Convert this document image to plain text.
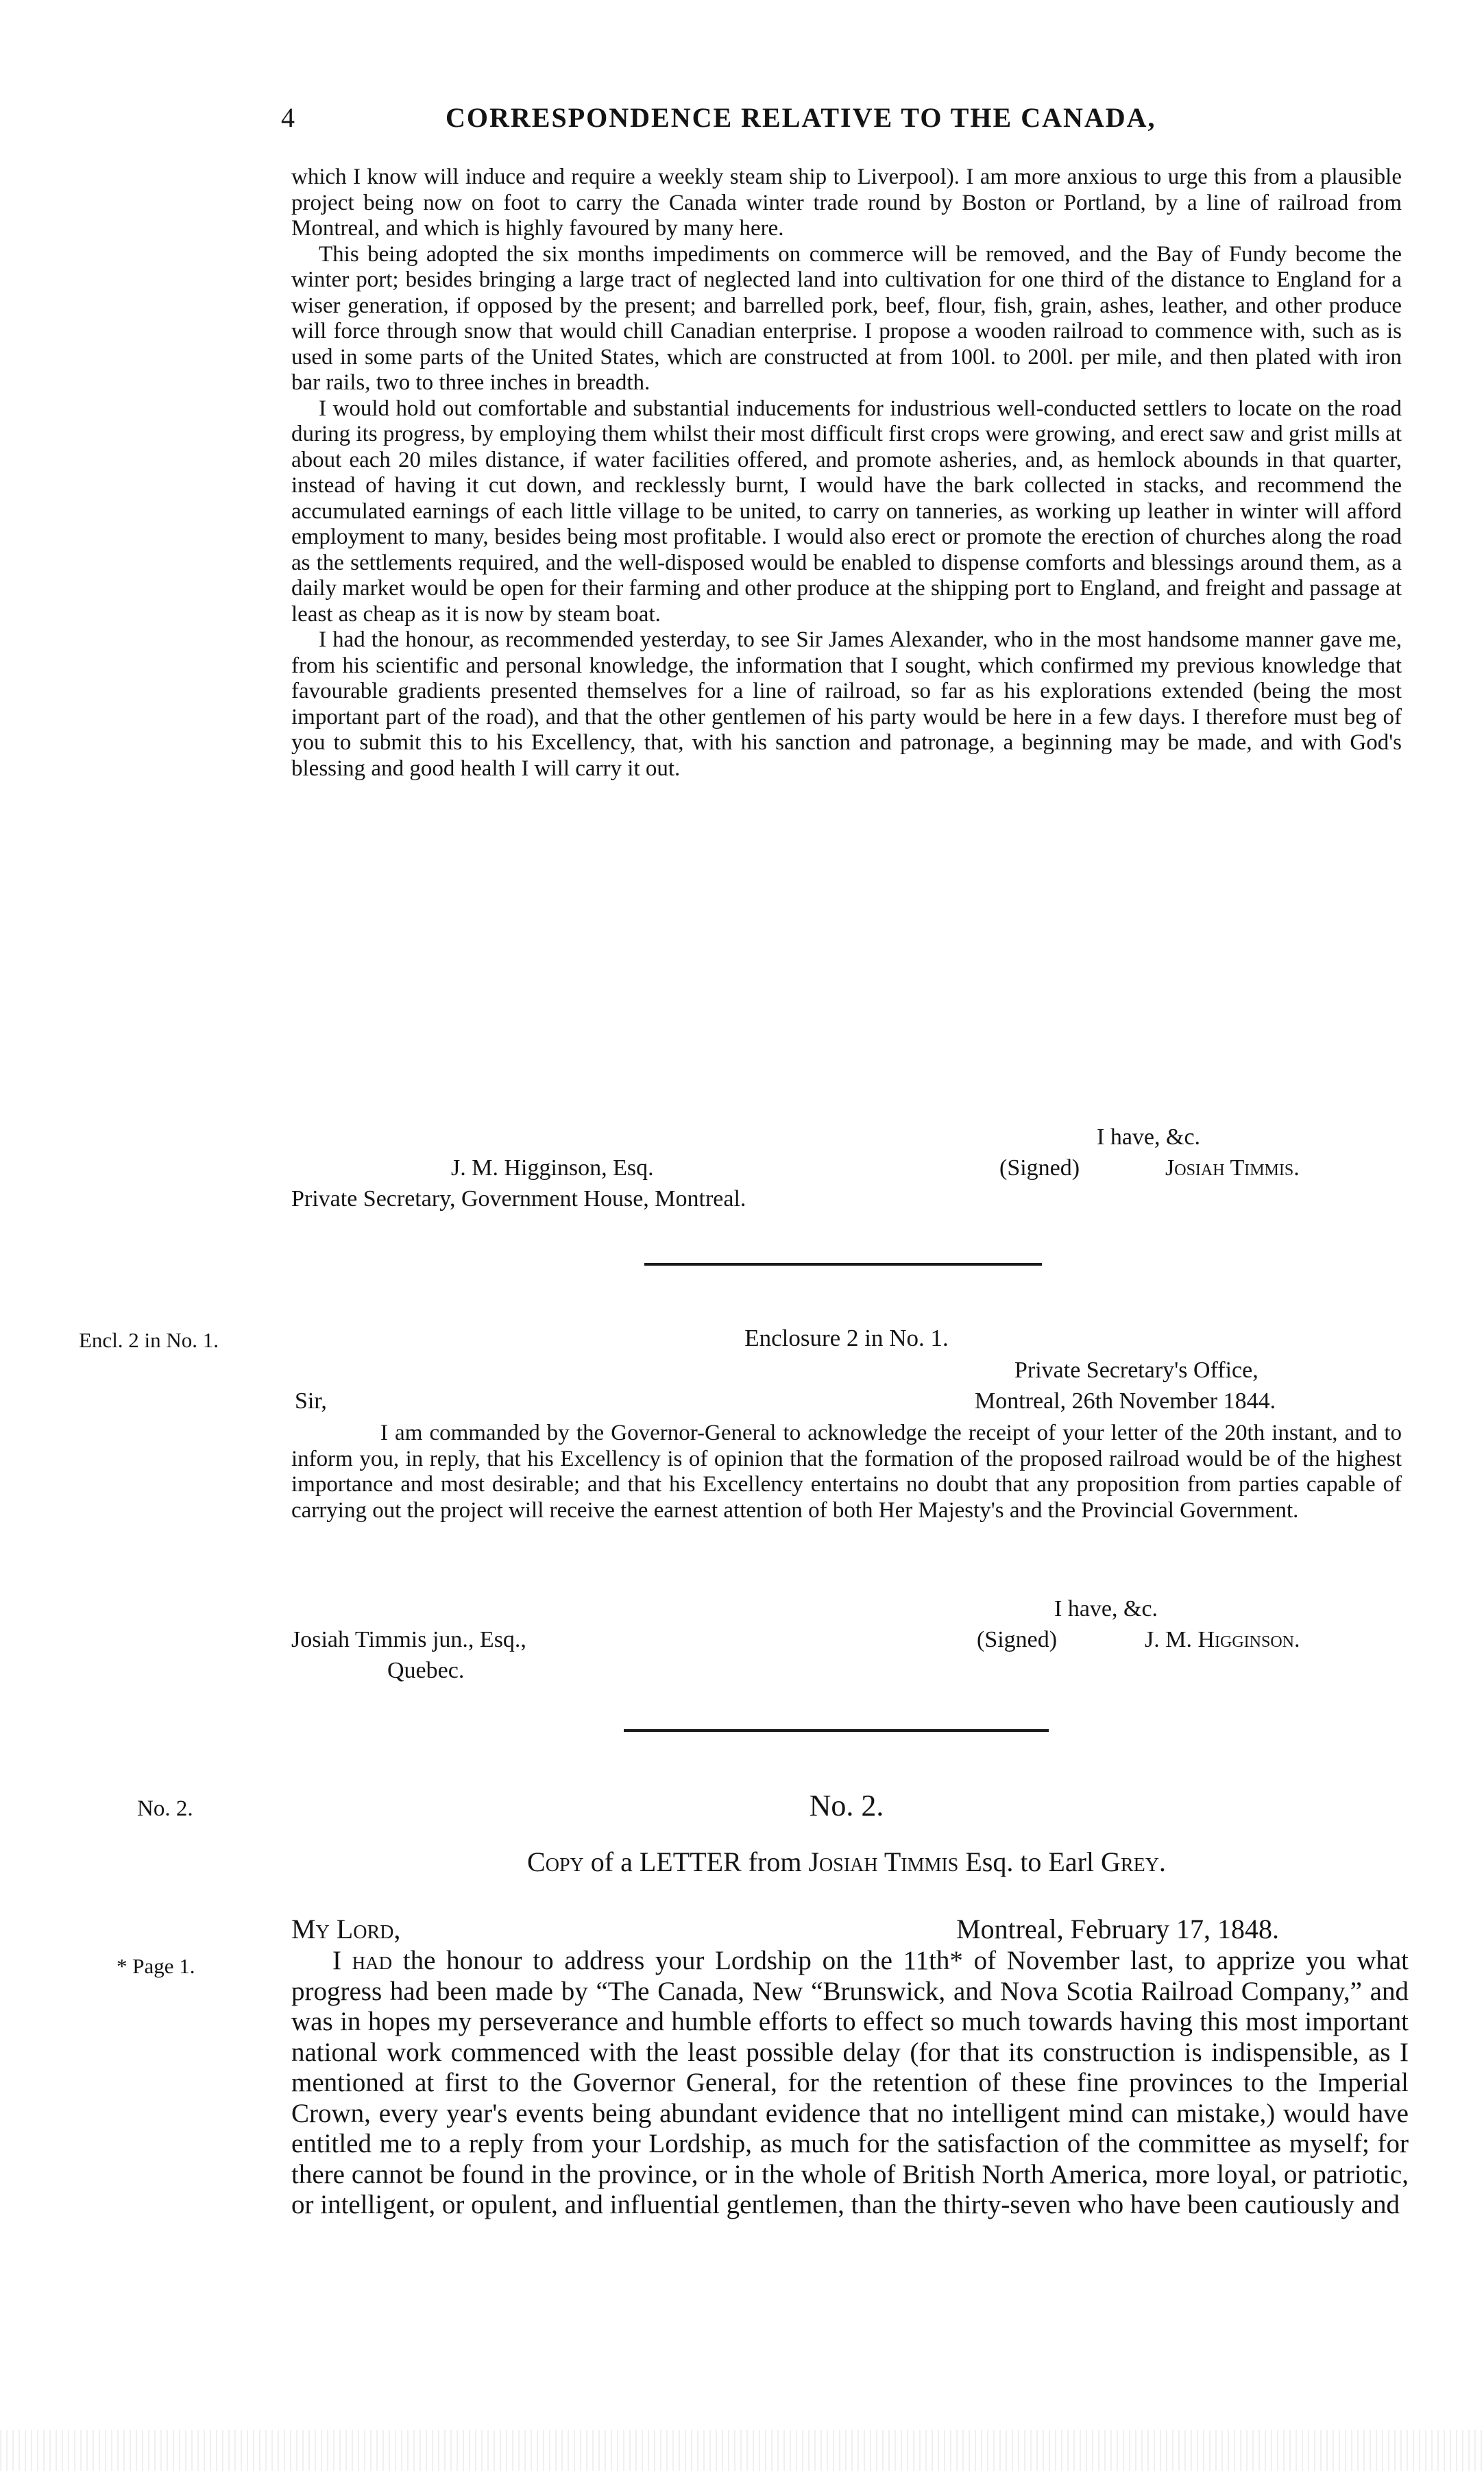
4	CORRESPONDENCE RELATIVE TO THE CANADA,

which I know will induce and require a weekly steam ship to Liverpool). I am more anxious to urge this from a plausible project being now on foot to carry the Canada winter trade round by Boston or Portland, by a line of railroad from Montreal, and which is highly favoured by many here.

This being adopted the six months impediments on commerce will be removed, and the Bay of Fundy become the winter port; besides bringing a large tract of neglected land into cultivation for one third of the distance to England for a wiser generation, if opposed by the present; and barrelled pork, beef, flour, fish, grain, ashes, leather, and other produce will force through snow that would chill Canadian enterprise. I propose a wooden railroad to commence with, such as is used in some parts of the United States, which are constructed at from 100l. to 200l. per mile, and then plated with iron bar rails, two to three inches in breadth.

I would hold out comfortable and substantial inducements for industrious well-conducted settlers to locate on the road during its progress, by employing them whilst their most difficult first crops were growing, and erect saw and grist mills at about each 20 miles distance, if water facilities offered, and promote asheries, and, as hemlock abounds in that quarter, instead of having it cut down, and recklessly burnt, I would have the bark collected in stacks, and recommend the accumulated earnings of each little village to be united, to carry on tanneries, as working up leather in winter will afford employment to many, besides being most profitable. I would also erect or promote the erection of churches along the road as the settlements required, and the well-disposed would be enabled to dispense comforts and blessings around them, as a daily market would be open for their farming and other produce at the shipping port to England, and freight and passage at least as cheap as it is now by steam boat.

I had the honour, as recommended yesterday, to see Sir James Alexander, who in the most handsome manner gave me, from his scientific and personal knowledge, the information that I sought, which confirmed my previous knowledge that favourable gradients presented themselves for a line of railroad, so far as his explorations extended (being the most important part of the road), and that the other gentlemen of his party would be here in a few days. I therefore must beg of you to submit this to his Excellency, that, with his sanction and patronage, a beginning may be made, and with God's blessing and good health I will carry it out.

I have, &c.
J. M. Higginson, Esq.	(Signed)	Josiah Timmis.
Private Secretary, Government House, Montreal.
Encl. 2 in No. 1.	Enclosure 2 in No. 1.
Private Secretary's Office,
Sir,	Montreal, 26th November 1844.

I am commanded by the Governor-General to acknowledge the receipt of your letter of the 20th instant, and to inform you, in reply, that his Excellency is of opinion that the formation of the proposed railroad would be of the highest importance and most desirable; and that his Excellency entertains no doubt that any proposition from parties capable of carrying out the project will receive the earnest attention of both Her Majesty's and the Provincial Government.

I have, &c.
Josiah Timmis jun., Esq.,	(Signed)	J. M. Higginson.
Quebec.
No. 2.	No. 2.
Copy of a LETTER from Josiah Timmis Esq. to Earl Grey.
My Lord,	Montreal, February 17, 1848.
* Page 1.	I had the honour to address your Lordship on the 11th* of November last, to apprize you what progress had been made by “The Canada, New “Brunswick, and Nova Scotia Railroad Company,” and was in hopes my perseverance and humble efforts to effect so much towards having this most important national work commenced with the least possible delay (for that its construction is indispensible, as I mentioned at first to the Governor General, for the retention of these fine provinces to the Imperial Crown, every year's events being abundant evidence that no intelligent mind can mistake,) would have entitled me to a reply from your Lordship, as much for the satisfaction of the committee as myself; for there cannot be found in the province, or in the whole of British North America, more loyal, or patriotic, or intelligent, or opulent, and influential gentlemen, than the thirty-seven who have been cautiously and
